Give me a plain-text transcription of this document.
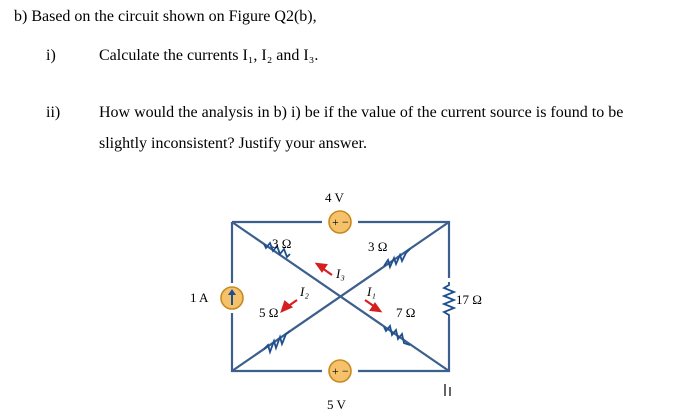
b) Based on the circuit shown on Figure Q2(b),
i)	Calculate the currents I₁, I₂ and I₃.
ii) How would the analysis in b) i) be if the value of the current source is found to be
slightly inconsistent? Justify your answer.
+ −
4 V
+ −
5 V
1 A	17 Ω
3 Ω	3 Ω
5 Ω	7 Ω
I₃
I₂	I₁
